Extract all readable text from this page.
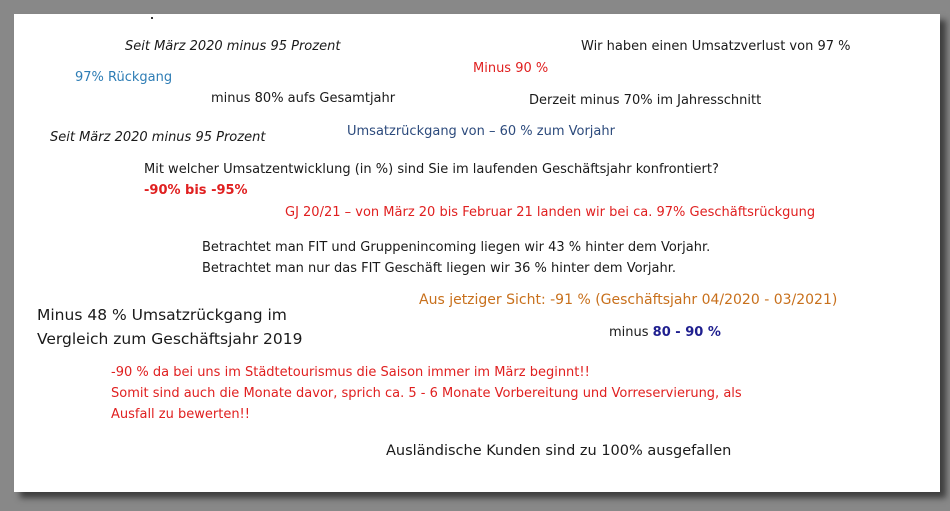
Seit März 2020 minus 95 Prozent	Wir haben einen Umsatzverlust von 97 %
97% Rückgang
Minus 90 %
minus 80% aufs Gesamtjahr	Derzeit minus 70% im Jahresschnitt
Seit März 2020 minus 95 Prozent	Umsatzrückgang von – 60 % zum Vorjahr
Mit welcher Umsatzentwicklung (in %) sind Sie im laufenden Geschäftsjahr konfrontiert?
-90% bis -95%
GJ 20/21 – von März 20 bis Februar 21 landen wir bei ca. 97% Geschäftsrückgung
Betrachtet man FIT und Gruppenincoming liegen wir 43 % hinter dem Vorjahr.
Betrachtet man nur das FIT Geschäft liegen wir 36 % hinter dem Vorjahr.
Aus jetziger Sicht: -91 % (Geschäftsjahr 04/2020 - 03/2021)
Minus 48 % Umsatzrückgang im
Vergleich zum Geschäftsjahr 2019	minus 80 - 90 %
-90 % da bei uns im Städtetourismus die Saison immer im März beginnt!!
Somit sind auch die Monate davor, sprich ca. 5 - 6 Monate Vorbereitung und Vorreservierung, als
Ausfall zu bewerten!!
Ausländische Kunden sind zu 100% ausgefallen
